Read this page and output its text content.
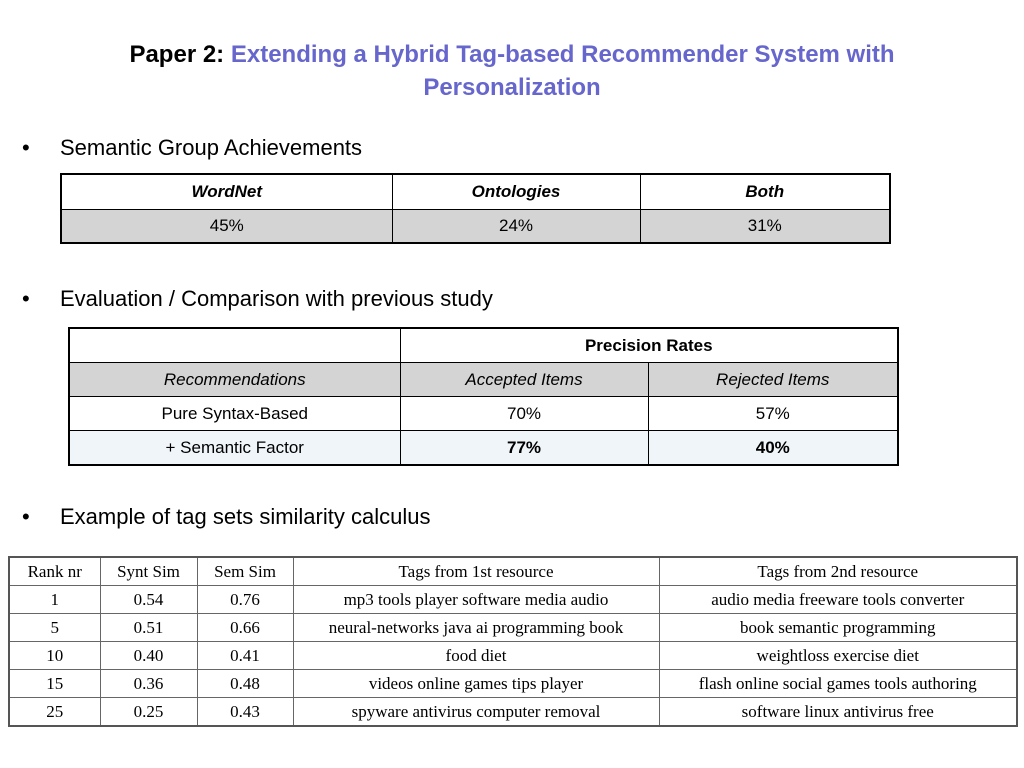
Paper 2: Extending a Hybrid Tag-based Recommender System with Personalization
• Semantic Group Achievements
WordNet	Ontologies	Both
45%	24%	31%
• Evaluation / Comparison with previous study
	Precision Rates	
Recommendations	Accepted Items	Rejected Items
Pure Syntax-Based	70%	57%
+ Semantic Factor	77%	40%
• Example of tag sets similarity calculus
Rank nr	Synt Sim	Sem Sim	Tags from 1st resource	Tags from 2nd resource
1	0.54	0.76	mp3 tools player software media audio	audio media freeware tools converter
5	0.51	0.66	neural-networks java ai programming book	book semantic programming
10	0.40	0.41	food diet	weightloss exercise diet
15	0.36	0.48	videos online games tips player	flash online social games tools authoring
25	0.25	0.43	spyware antivirus computer removal	software linux antivirus free
